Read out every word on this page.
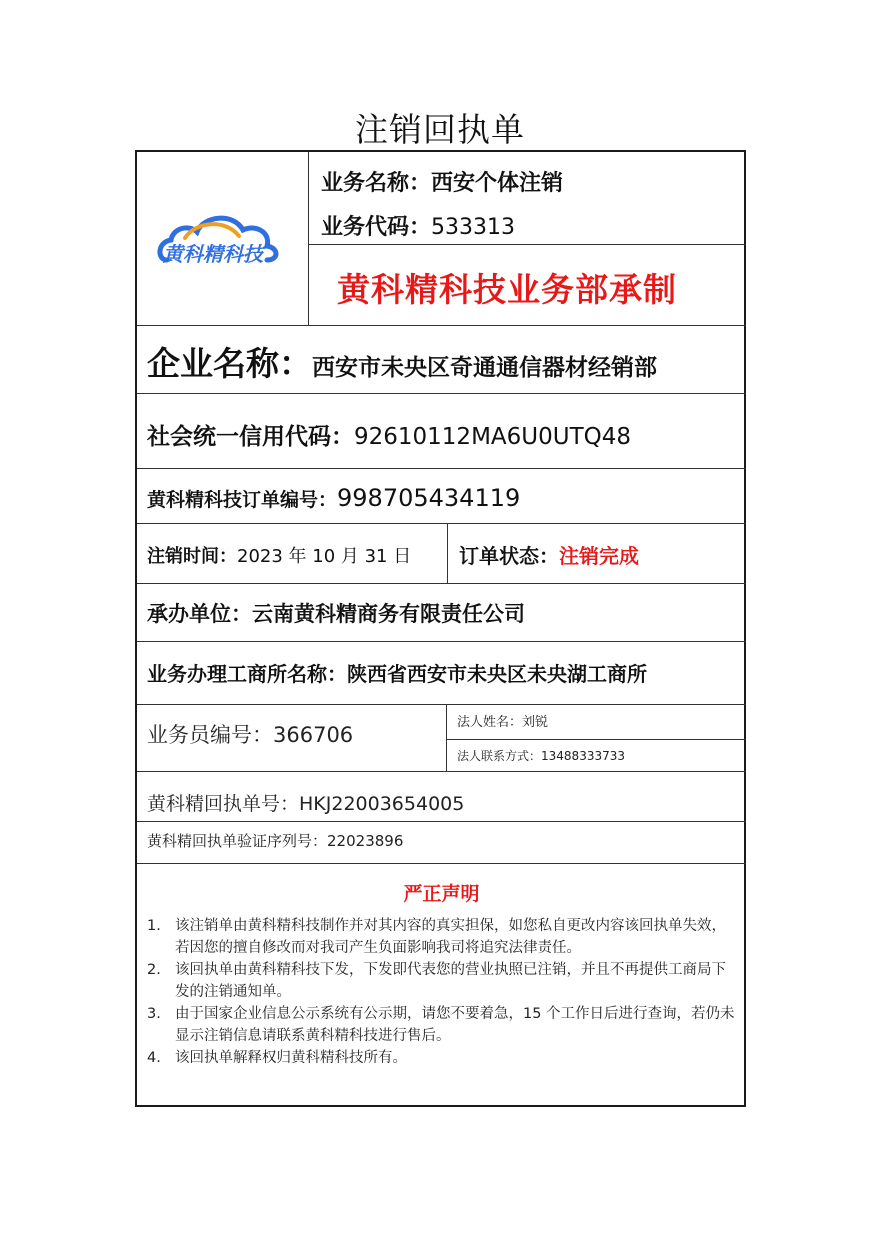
注销回执单
黄科精科技
业务名称：西安个体注销
业务代码：533313
黄科精科技业务部承制
企业名称：西安市未央区奇通通信器材经销部
社会统一信用代码：92610112MA6U0UTQ48
黄科精科技订单编号：998705434119
注销时间：2023 年 10 月 31 日 订单状态：注销完成
承办单位：云南黄科精商务有限责任公司
业务办理工商所名称：陕西省西安市未央区未央湖工商所
业务员编号：366706
法人姓名：刘锐
法人联系方式：13488333733
黄科精回执单号：HKJ22003654005
黄科精回执单验证序列号：22023896
严正声明
1. 该注销单由黄科精科技制作并对其内容的真实担保，如您私自更改内容该回执单失效，若因您的擅自修改而对我司产生负面影响我司将追究法律责任。
2. 该回执单由黄科精科技下发，下发即代表您的营业执照已注销，并且不再提供工商局下发的注销通知单。
3. 由于国家企业信息公示系统有公示期，请您不要着急，15 个工作日后进行查询，若仍未显示注销信息请联系黄科精科技进行售后。
4. 该回执单解释权归黄科精科技所有。
